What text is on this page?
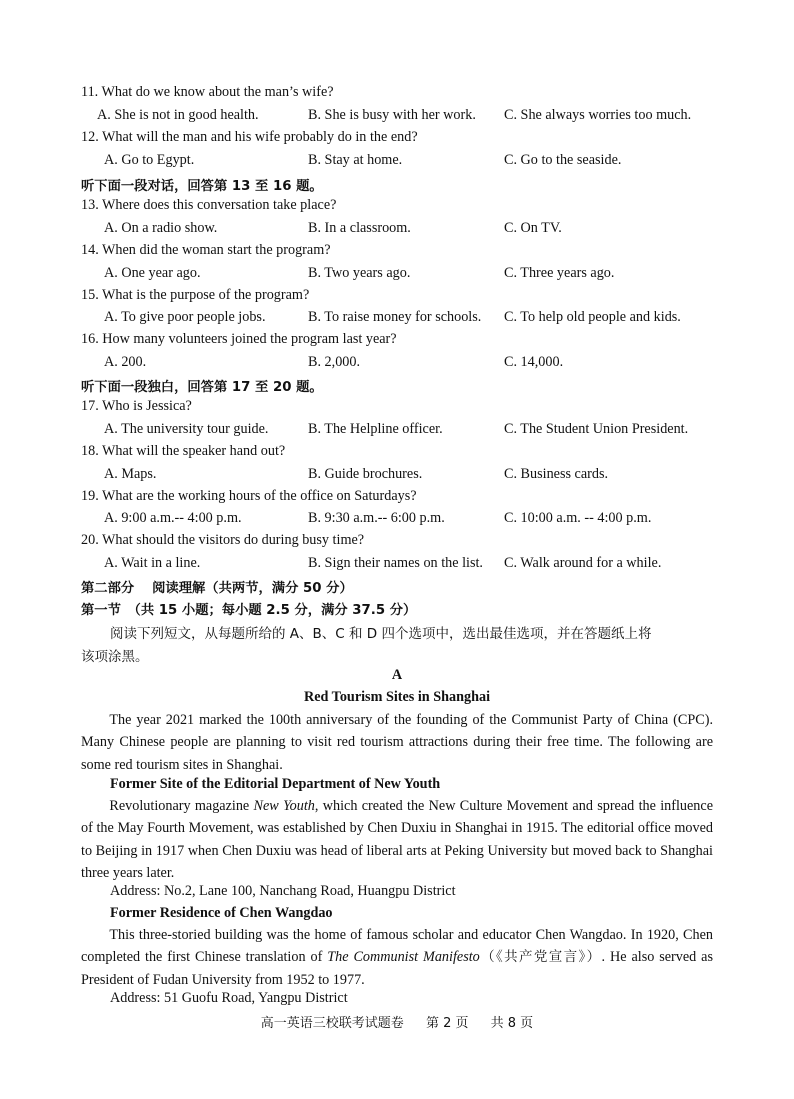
11. What do we know about the man’s wife?
A. She is not in good health.	B. She is busy with her work. C. She always worries too much.
12. What will the man and his wife probably do in the end?
A. Go to Egypt.	B. Stay at home.	C. Go to the seaside.
听下面一段对话，回答第 13 至 16 题。
13. Where does this conversation take place?
A. On a radio show.	B. In a classroom.	C. On TV.
14. When did the woman start the program?
A. One year ago.	B. Two years ago.	C. Three years ago.
15. What is the purpose of the program?
A. To give poor people jobs.	B. To raise money for schools. C. To help old people and kids.
16. How many volunteers joined the program last year?
A. 200.	B. 2,000.	C. 14,000.
听下面一段独白，回答第 17 至 20 题。
17. Who is Jessica?
A. The university tour guide.	B. The Helpline officer.	C. The Student Union President.
18. What will the speaker hand out?
A. Maps.	B. Guide brochures.	C. Business cards.
19. What are the working hours of the office on Saturdays?
A. 9:00 a.m.-- 4:00 p.m.	B. 9:30 a.m.-- 6:00 p.m.	C. 10:00 a.m. -- 4:00 p.m.
20. What should the visitors do during busy time?
A. Wait in a line.	B. Sign their names on the list. C. Walk around for a while.
第二部分　 阅读理解（共两节，满分 50 分）
第一节　（共 15 小题；每小题 2.5 分，满分 37.5 分）
阅读下列短文，从每题所给的 A、B、C 和 D 四个选项中，选出最佳选项，并在答题纸上将
该项涂黑。
A
Red Tourism Sites in Shanghai

The year 2021 marked the 100th anniversary of the founding of the Communist Party of China (CPC). Many Chinese people are planning to visit red tourism attractions during their free time. The following are some red tourism sites in Shanghai.

Former Site of the Editorial Department of New Youth

Revolutionary magazine New Youth, which created the New Culture Movement and spread the influence of the May Fourth Movement, was established by Chen Duxiu in Shanghai in 1915. The editorial office moved to Beijing in 1917 when Chen Duxiu was head of liberal arts at Peking University but moved back to Shanghai three years later.

Address: No.2, Lane 100, Nanchang Road, Huangpu District
Former Residence of Chen Wangdao

This three-storied building was the home of famous scholar and educator Chen Wangdao. In 1920, Chen completed the first Chinese translation of The Communist Manifesto（《共产党宣言》）. He also served as President of Fudan University from 1952 to 1977.

Address: 51 Guofu Road, Yangpu District
高一英语三校联考试题卷 第 2 页 共 8 页
